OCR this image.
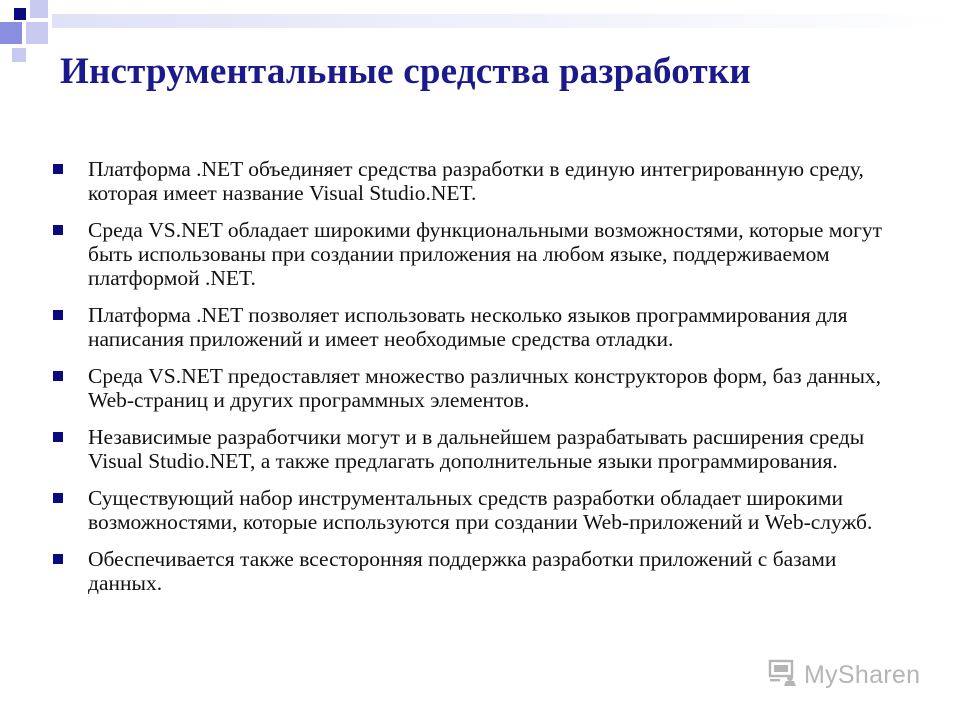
Инструментальные средства разработки
Платформа .NET объединяет средства разработки в единую интегрированную среду, которая имеет название Visual Studio.NET.
Среда VS.NET обладает широкими функциональными возможностями, которые могут быть использованы при создании приложения на любом языке, поддерживаемом платформой .NET.
Платформа .NET позволяет использовать несколько языков программирования для написания приложений и имеет необходимые средства отладки.
Среда VS.NET предоставляет множество различных конструкторов форм, баз данных, Web-страниц и других программных элементов.
Независимые разработчики могут и в дальнейшем разрабатывать расширения среды Visual Studio.NET, а также предлагать дополнительные языки программирования.
Существующий набор инструментальных средств разработки обладает широкими возможностями, которые используются при создании Web-приложений и Web-служб.
Обеспечивается также всесторонняя поддержка разработки приложений с базами данных.
MySharen
